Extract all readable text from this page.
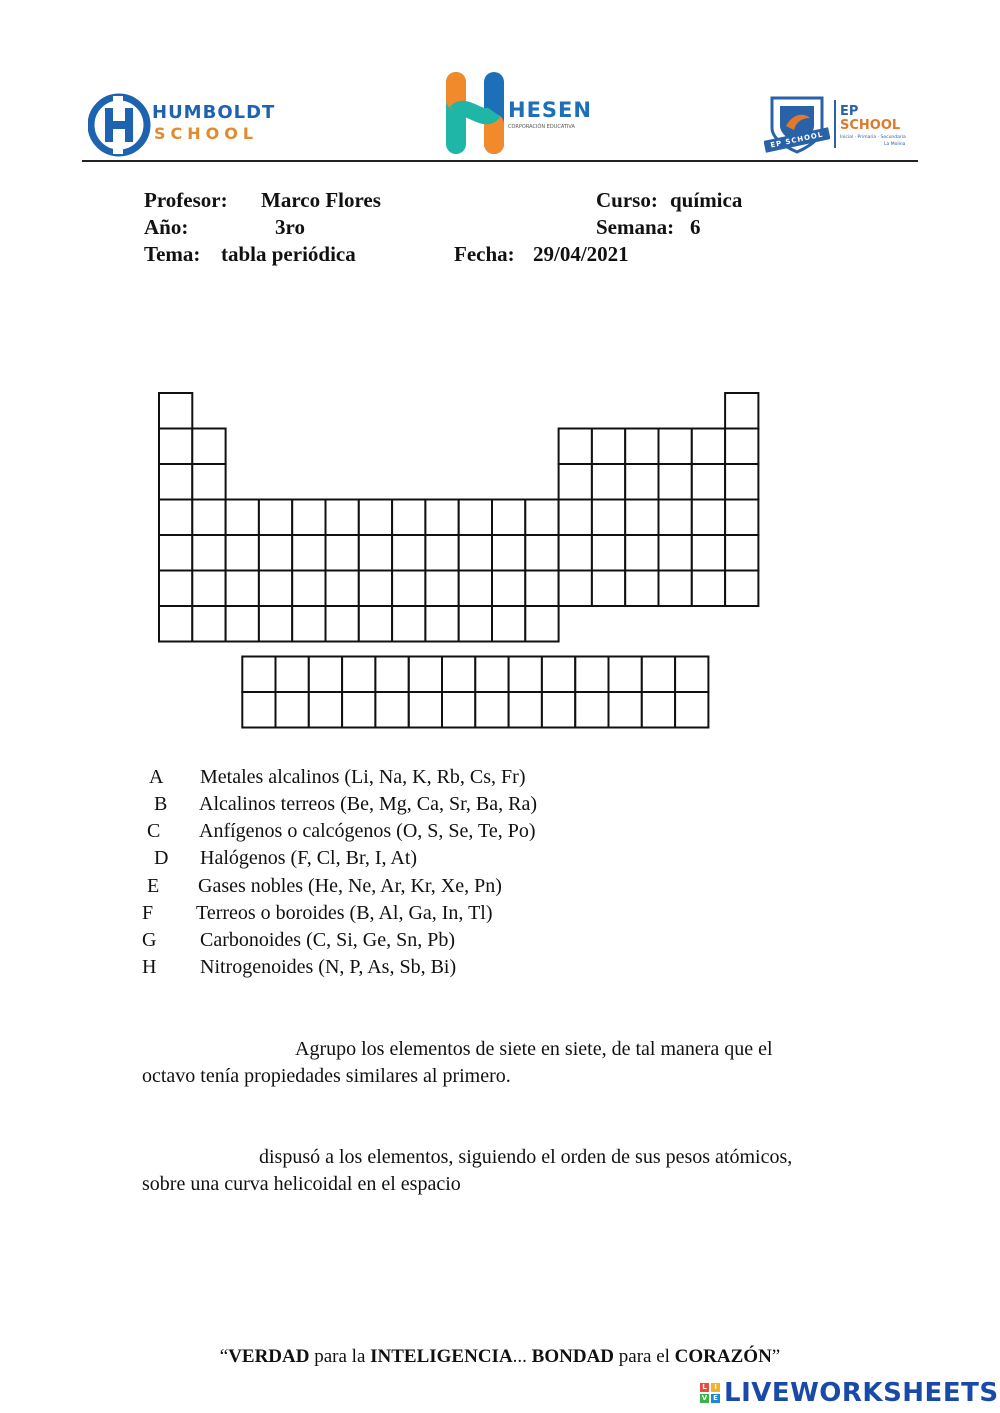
HUMBOLDT
SCHOOL
HESEN
CORPORACIÓN EDUCATIVA
EP SCHOOL
EP
SCHOOL
Inicial · Primaria · Secundaria
La Molina
Profesor: Marco Flores	Curso: química
Año:	3ro	Semana: 6
Tema: tabla periódica	Fecha: 29/04/2021
A Metales alcalinos (Li, Na, K, Rb, Cs, Fr)
B Alcalinos terreos (Be, Mg, Ca, Sr, Ba, Ra)
C Anfígenos o calcógenos (O, S, Se, Te, Po)
D Halógenos (F, Cl, Br, I, At)
E Gases nobles (He, Ne, Ar, Kr, Xe, Pn)
F Terreos o boroides (B, Al, Ga, In, Tl)
G Carbonoides (C, Si, Ge, Sn, Pb)
H Nitrogenoides (N, P, As, Sb, Bi)
Agrupo los elementos de siete en siete, de tal manera que el
octavo tenía propiedades similares al primero.
dispusó a los elementos, siguiendo el orden de sus pesos atómicos,
sobre una curva helicoidal en el espacio
“VERDAD para la INTELIGENCIA... BONDAD para el CORAZÓN”
L	I
V E LIVEWORKSHEETS
